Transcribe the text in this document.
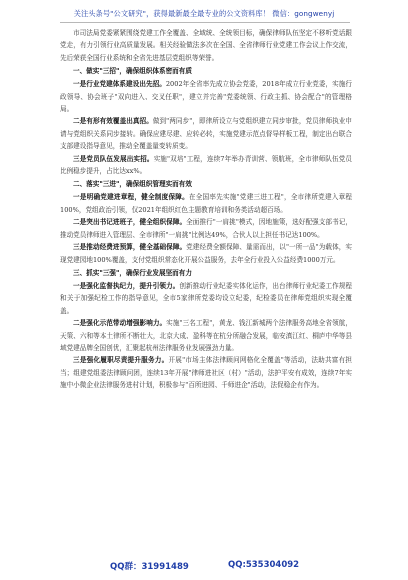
关注头条号"公文研究"，获得最新最全最专业的公文资料库！ 微信：gongwenyj

市司法局党委紧紧围绕党建工作全覆盖、全域统、全统领目标，确保律师队伍坚定不移听党话跟党走，有力引领行业高质量发展。相关经验做法多次在全国、全省律师行业党建工作会议上作交流，先后荣获全国行业系统和全省先进基层党组织等荣誉。

一、做实"三招"，确保组织体系密而有质

一是行业党建体系建设出先招。2002年全省率先成立协会党委，2018年成立行业党委，实施行政领导、协会班子"双向进入、交叉任职"，建立并完善"党委统领、行政主抓、协会配合"的管理格局。

二是有形有效覆盖出真招。做到"两同步"，即律所设立与党组织建立同步审批，党员律师执业申请与党组织关系同步接转。确保应建尽建、应转必转，实施党建示范点督导样板工程，制定出台联合支部建设指导意见，推动全覆盖量变转质变。

三是党员队伍发展出实招。实施"双培"工程，连续7年举办青训营、领航班，全市律师队伍党员比例稳步提升，占比达xx%。

二、落实"三进"，确保组织管理实而有效

一是明确党建进章程，健全制度保障。在全国率先实施"党建三进工程"，全市律所党建入章程100%，党组政治引领，仅2021年组织红色主题教育培训和务类活动超百场。

二是突出书记进班子，健全组织保障。全面推行"一肩挑"模式，因地施策，选好配强支部书记，推动党员律师进入管理层、全市律所"一肩挑"比例达49%，合伙人以上担任书记达100%。

三是推动经费进预算，健全基础保障。党建经费全额保障、量需而出，以"一所一品"为载体，实现党建园地100%覆盖，支付党组织常态化开展公益服务，去年全行业投入公益经费1000万元。

三、抓实"三强"，确保行业发展坚而有力

一是强化监督执纪力，提升引领力。创新推动行业纪委实体化运作，出台律师行业纪委工作规程和关于加强纪检工作的指导意见，全市5家律所党委均设立纪委，纪检委员在律师党组织实现全覆盖。

二是强化示范带动增强影响力。实施"三名工程"，黄龙、钱江新城两个法律服务高地全省领航，天策、六和等本土律所不断壮大，北京大成、盈科等在杭分所融合发展，临安滇江红、桐庐中华等县域党建品牌全国创优，汇聚起杭州法律服务业发展强劲力量。

三是强化履职尽责提升服务力。开展"市场主体法律顾问网格化全覆盖"等活动，法助共富有担当；组建党组委法律顾问团，连续13年开展"律师进社区（村）"活动，法护平安有成效，连续7年实施中小微企业法律服务进村计划，积极参与"百所进园、千师进企"活动，法促稳企有作为。

QQ群：31991489	QQ:535304092
